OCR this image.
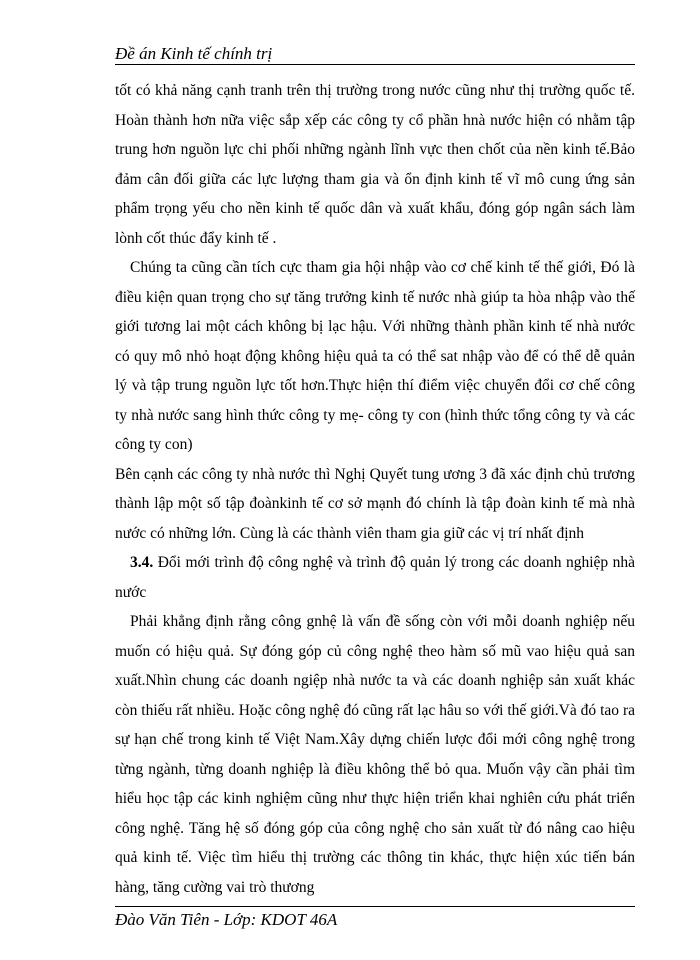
Đề án Kinh tế chính trị

tốt có khả năng cạnh tranh trên thị trường trong nước cũng như thị trường quốc tế. Hoàn thành hơn nữa việc sắp xếp các công ty cổ phần hnà nước hiện có nhằm tập trung hơn nguồn lực chi phối những ngành lĩnh vực then chốt của nền kinh tế.Bảo đảm cân đối giữa các lực lượng tham gia và ổn định kinh tế vĩ mô cung ứng sản phẩm trọng yếu cho nền kinh tế quốc dân và xuất khẩu, đóng góp ngân sách làm lònh cốt thúc đẩy kinh tế .

Chúng ta cũng cần tích cực tham gia hội nhập vào cơ chế kinh tế thế giới, Đó là điều kiện quan trọng cho sự tăng trưởng kinh tế nước nhà giúp ta hòa nhập vào thế giới tương lai một cách không bị lạc hậu. Với những thành phần kinh tế nhà nước có quy mô nhỏ hoạt động không hiệu quả ta có thể sat nhập vào để có thể dễ quản lý và tập trung nguồn lực tốt hơn.Thực hiện thí điểm việc chuyển đổi cơ chế công ty nhà nước sang hình thức công ty mẹ- công ty con (hình thức tổng công ty và các công ty con)

Bên cạnh các công ty nhà nước thì Nghị Quyết tung ương 3 đã xác định chủ trương thành lập một số tập đoànkinh tế cơ sở mạnh đó chính là tập đoàn kinh tế mà nhà nước có những lớn. Cùng là các thành viên tham gia giữ các vị trí nhất định

3.4. Đổi mới trình độ công nghệ và trình độ quản lý trong các doanh nghiệp nhà nước

Phải khẳng định rằng công gnhệ là vấn đề sống còn với mỗi doanh nghiệp nếu muốn có hiệu quả. Sự đóng góp củ công nghệ theo hàm số mũ vao hiệu quả san xuất.Nhìn chung các doanh ngiệp nhà nước ta và các doanh nghiệp sản xuất khác còn thiếu rất nhiều. Hoặc công nghệ đó cũng rất lạc hâu so với thế giới.Và đó tao ra sự hạn chế trong kinh tế Việt Nam.Xây dựng chiến lược đổi mới công nghệ trong từng ngành, từng doanh nghiệp là điều không thể bỏ qua. Muốn vậy cần phải tìm hiểu học tập các kinh nghiệm cũng như thực hiện triển khai nghiên cứu phát triển công nghệ. Tăng hệ số đóng góp của công nghệ cho sản xuất từ đó nâng cao hiệu quả kinh tế. Việc tìm hiểu thị trường các thông tin khác, thực hiện xúc tiến bán hàng, tăng cường vai trò thương

Đào Văn Tiên - Lớp: KDOT 46A
